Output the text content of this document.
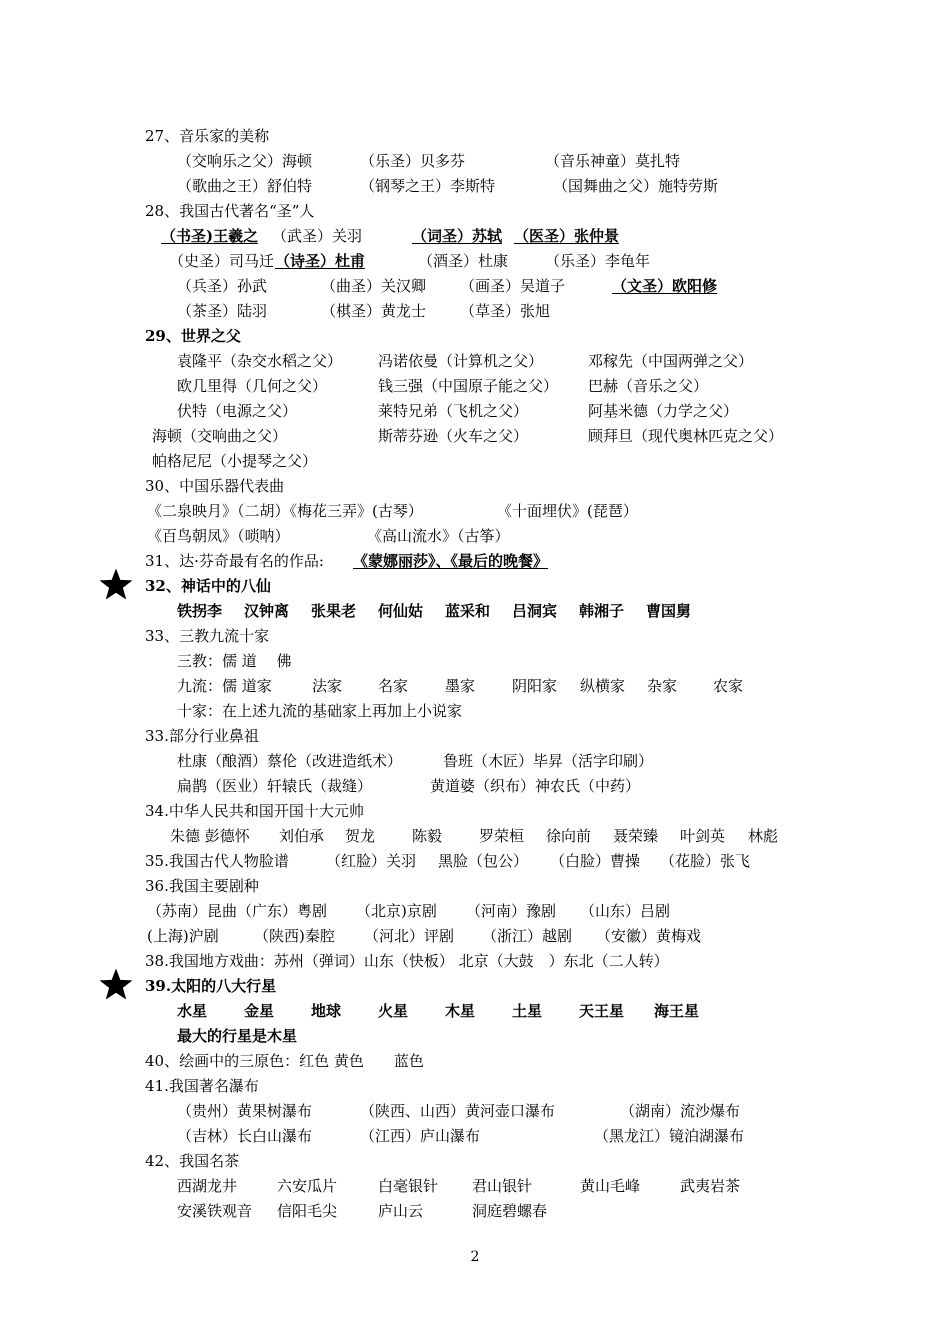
27、音乐家的美称
（交响乐之父）海顿	（乐圣）贝多芬	（音乐神童）莫扎特
（歌曲之王）舒伯特	（钢琴之王）李斯特	（国舞曲之父）施特劳斯
28、我国古代著名“圣”人
（书圣)王羲之 （武圣）关羽	（词圣）苏轼 （医圣）张仲景
（史圣）司马迁 （诗圣）杜甫	（酒圣）杜康 （乐圣）李龟年
（兵圣）孙武	（曲圣）关汉卿 （画圣）吴道子	（文圣）欧阳修
（茶圣）陆羽	（棋圣）黄龙士 （草圣）张旭
29、世界之父
袁隆平（杂交水稻之父） 冯诺依曼（计算机之父）	邓稼先（中国两弹之父）
欧几里得（几何之父）	钱三强（中国原子能之父） 巴赫（音乐之父）
伏特（电源之父）	莱特兄弟（飞机之父）	阿基米德（力学之父）
海顿（交响曲之父）	斯蒂芬逊（火车之父）	顾拜旦（现代奥林匹克之父）
帕格尼尼（小提琴之父）
30、中国乐器代表曲
《二泉映月》（二胡）《梅花三弄》(古琴）	《十面埋伏》(琵琶）
《百鸟朝凤》（唢呐）	《高山流水》（古筝）
31、达·芬奇最有名的作品: 《蒙娜丽莎》、《最后的晚餐》
32、神话中的八仙
铁拐李 汉钟离 张果老 何仙姑 蓝采和 吕洞宾 韩湘子 曹国舅
33、三教九流十家
三教：儒 道　 佛
九流：儒 道家	法家 名家 墨家 阴阳家 纵横家 杂家 农家
十家：在上述九流的基础家上再加上小说家
33.部分行业鼻祖
杜康（酿酒）蔡伦（改进造纸术）	鲁班（木匠）毕昇（活字印刷）
扁鹊（医业）轩辕氏（裁缝）	黄道婆（织布）神农氏（中药）
34.中华人民共和国开国十大元帅
朱德 彭德怀 刘伯承 贺龙 陈毅 罗荣桓 徐向前 聂荣臻 叶剑英 林彪
35.我国古代人物脸谱 （红脸）关羽 黑脸（包公） （白脸）曹操 （花脸）张飞
36.我国主要剧种
（苏南）昆曲（广东）粤剧 （北京)京剧 （河南）豫剧 （山东）吕剧
(上海)沪剧 （陕西)秦腔 （河北）评剧 （浙江）越剧 （安徽）黄梅戏
38.我国地方戏曲：苏州（弹词）山东（快板） 北京（大鼓　）东北（二人转）
39.太阳的八大行星
水星 金星 地球 火星 木星 土星 天王星 海王星
最大的行星是木星
40、绘画中的三原色：红色 黄色　　蓝色
41.我国著名瀑布
（贵州）黄果树瀑布	（陕西、山西）黄河壶口瀑布	（湖南）流沙爆布
（吉林）长白山瀑布	（江西）庐山瀑布	（黑龙江）镜泊湖瀑布
42、我国名茶
西湖龙井	六安瓜片	白毫银针 君山银针	黄山毛峰	武夷岩茶
安溪铁观音 信阳毛尖	庐山云	洞庭碧螺春
2
